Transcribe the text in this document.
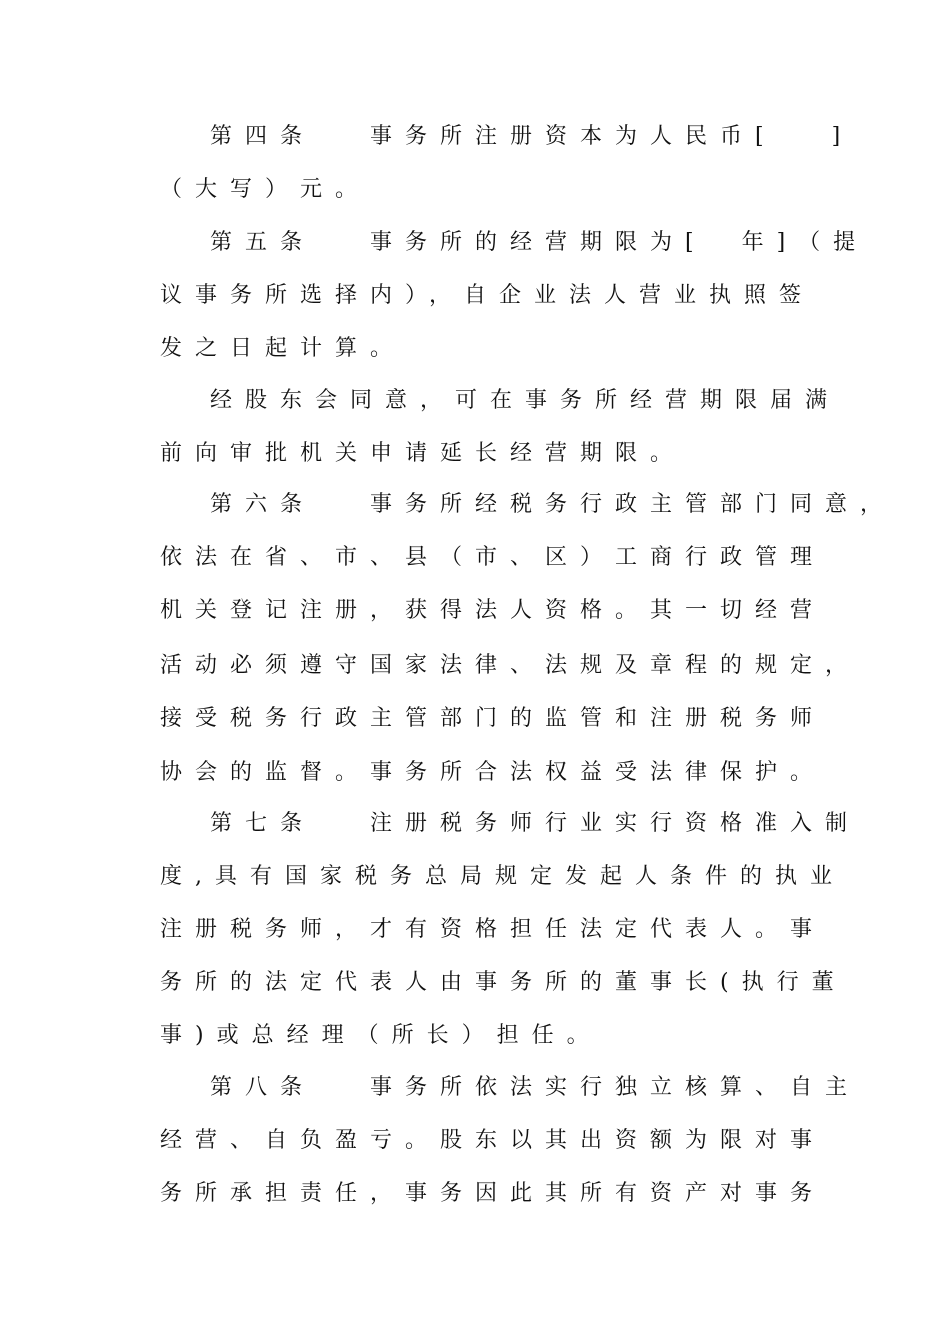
第四条　 事务所注册资本为人民币[　 ]
（大写）元。
第五条　 事务所的经营期限为[　年]（提
议事务所选择内），自企业法人营业执照签
发之日起计算。
经股东会同意，可在事务所经营期限届满
前向审批机关申请延长经营期限。
第六条　 事务所经税务行政主管部门同意，
依法在省、市、县（市、区）工商行政管理
机关登记注册，获得法人资格。其一切经营
活动必须遵守国家法律、法规及章程的规定，
接受税务行政主管部门的监管和注册税务师
协会的监督。事务所合法权益受法律保护。
第七条　 注册税务师行业实行资格准入制
度,具有国家税务总局规定发起人条件的执业
注册税务师，才有资格担任法定代表人。事
务所的法定代表人由事务所的董事长(执行董
事)或总经理（所长）担任。
第八条　 事务所依法实行独立核算、自主
经营、自负盈亏。股东以其出资额为限对事
务所承担责任，事务因此其所有资产对事务
